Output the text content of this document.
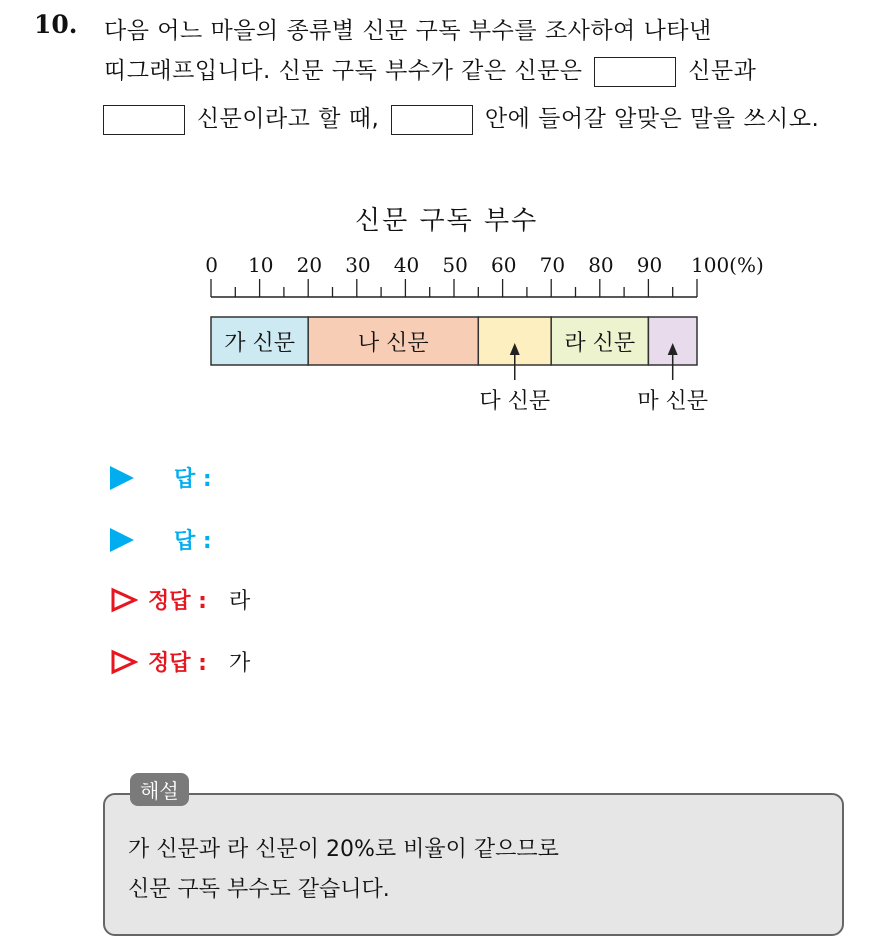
10. 다음 어느 마을의 종류별 신문 구독 부수를 조사하여 나타낸
띠그래프입니다. 신문 구독 부수가 같은 신문은	신문과
신문이라고 할 때,	안에 들어갈 알맞은 말을 쓰시오.
신문 구독 부수
0 10 20 30 40 50 60 70 80 90 100(%)
가 신문	나 신문
다 신문
라 신문
마 신문
답 :
답 :
정답 : 라
정답 : 가
해설
가 신문과 라 신문이 20%로 비율이 같으므로
신문 구독 부수도 같습니다.
